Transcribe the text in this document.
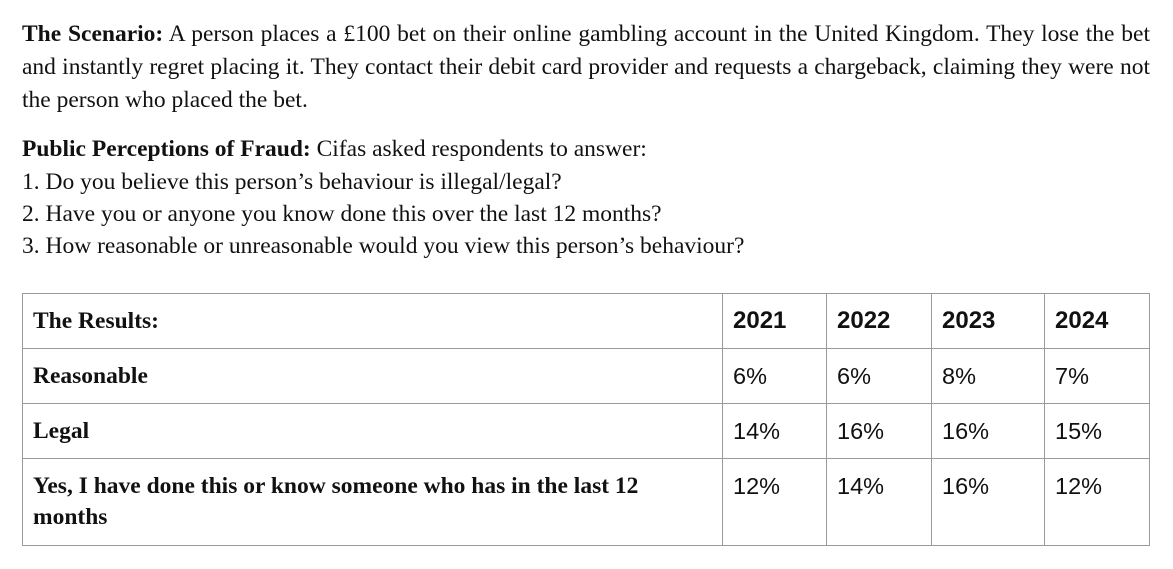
The Scenario: A person places a £100 bet on their online gambling account in the United Kingdom. They lose the bet and instantly regret placing it. They contact their debit card provider and requests a chargeback, claiming they were not the person who placed the bet.

Public Perceptions of Fraud: Cifas asked respondents to answer:

1. Do you believe this person’s behaviour is illegal/legal?
2. Have you or anyone you know done this over the last 12 months?
3. How reasonable or unreasonable would you view this person’s behaviour?
The Results:	2021	2022	2023	2024
Reasonable	6%	6%	8%	7%
Legal	14%	16%	16%	15%
Yes, I have done this or know someone who has in the last 12 months	12%	14%	16%	12%
